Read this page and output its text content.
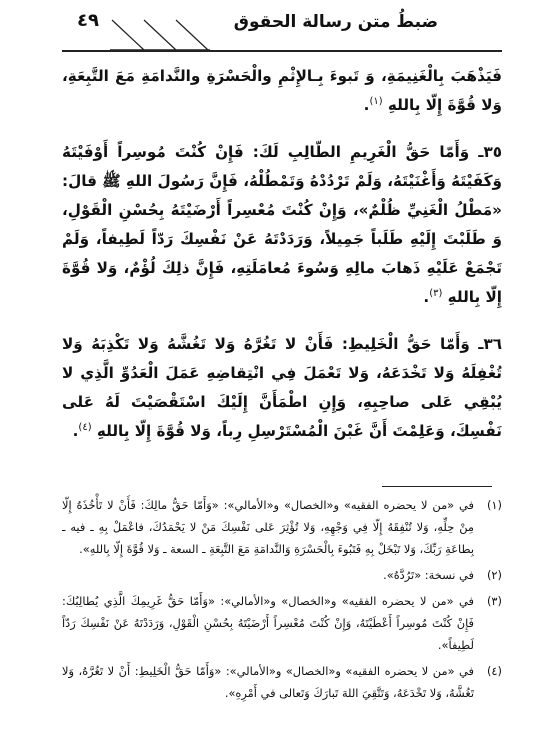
ضبطُ متن رسالة الحقوق
٤٩

فَيَذْهَبَ بِالْغَنِيمَةِ، وَ تَبوءَ بِـالإِثْمِ والْحَسْرَةِ والنَّدامَةِ مَعَ التَّبِعَةِ، وَلا قُوَّةَ إِلّا بِاللهِ $^{(١)}$.

٣٥ـ وَأَمّا حَقُّ الْغَرِيمِ الطّالِبِ لَكَ: فَإِنْ كُنْتَ مُوسِراً أَوْفَيْتَهُ وَكَفَيْتَهُ وَأَغْنَيْتَهُ، وَلَمْ تَرْدُدْهُ وَتَمْطُلْهُ، فَإِنَّ رَسُولَ اللهِ ﷺ قالَ: «مَطْلُ الْغَنِيِّ ظُلْمٌ»، وَإِنْ كُنْتَ مُعْسِراً أَرْضَيْتَهُ بِحُسْنِ الْقَوْلِ، وَ طَلَبْتَ إِلَيْهِ طَلَباً جَمِيلاً، وَرَدَدْتَهُ عَنْ نَفْسِكَ رَدّاً لَطِيفاً، وَلَمْ تَجْمَعْ عَلَيْهِ ذَهابَ مالِهِ وَسُوءَ مُعامَلَتِهِ، فَإِنَّ ذلِكَ لُؤْمٌ، وَلا قُوَّةَ إِلّا بِاللهِ $^{(٣)}$.

٣٦ـ وَأَمّا حَقُّ الْخَلِيطِ: فَأَنْ لا تَغُرَّهُ وَلا تَغُشَّهُ وَلا تَكْذِبَهُ وَلا تُغْفِلَهُ وَلا تَخْدَعَهُ، وَلا تَعْمَلَ فِي انْتِقاضِهِ عَمَلَ الْعَدُوِّ الَّذِي لا يُبْقِي عَلى صاحِبِهِ، وَإِنِ اطْمَأَنَّ إِلَيْكَ اسْتَقْصَيْتَ لَهُ عَلى نَفْسِكَ، وَعَلِمْتَ أَنَّ غَبْنَ الْمُسْتَرْسِلِ رِباً، وَلا قُوَّةَ إِلّا بِاللهِ $^{(٤)}$.

(١)
في «من لا يحضره الفقيه» و«الخصال» و«الأمالي»: «وَأَمّا حَقُّ مالِكَ: فَأَنْ لا تَأْخُذَهُ إِلّا مِنْ حِلِّهِ، وَلا تُنْفِقَهُ إِلّا فِي وَجْهِهِ، وَلا تُؤْثِرَ عَلى نَفْسِكَ مَنْ لا يَحْمَدُكَ، فاعْمَلْ بِهِ ـ فيه ـ بِطاعَةِ رَبِّكَ، وَلا تَبْخَلْ بِهِ فَتَبُوءَ بِالْحَسْرَةِ وَالنَّدامَةِ مَعَ التَّبِعَةِ ـ السعة ـ وَلا قُوَّةَ إِلّا بِاللهِ».
(٢)
في نسخة: «تَرُدَّهُ».
(٣)
في «من لا يحضره الفقيه» و«الخصال» و«الأمالي»: «وَأَمّا حَقُّ غَرِيمِكَ الَّذِي يُطالِبُكَ: فَإِنْ كُنْتَ مُوسِراً أَعْطَيْتَهُ، وَإِنْ كُنْتَ مُعْسِراً أَرْضَيْتَهُ بِحُسْنِ الْقَوْلِ، وَرَدَدْتَهُ عَنْ نَفْسِكَ رَدّاً لَطِيفاً».
(٤)
في «من لا يحضره الفقيه» و«الخصال» و«الأمالي»: «وَأَمّا حَقُّ الْخَلِيطِ: أَنْ لا تَغُرَّهُ، وَلا تَغُشَّهُ، وَلا تَخْدَعَهُ، وَتَتَّقِيَ اللهَ تَبارَكَ وَتَعالى في أَمْرِهِ».
